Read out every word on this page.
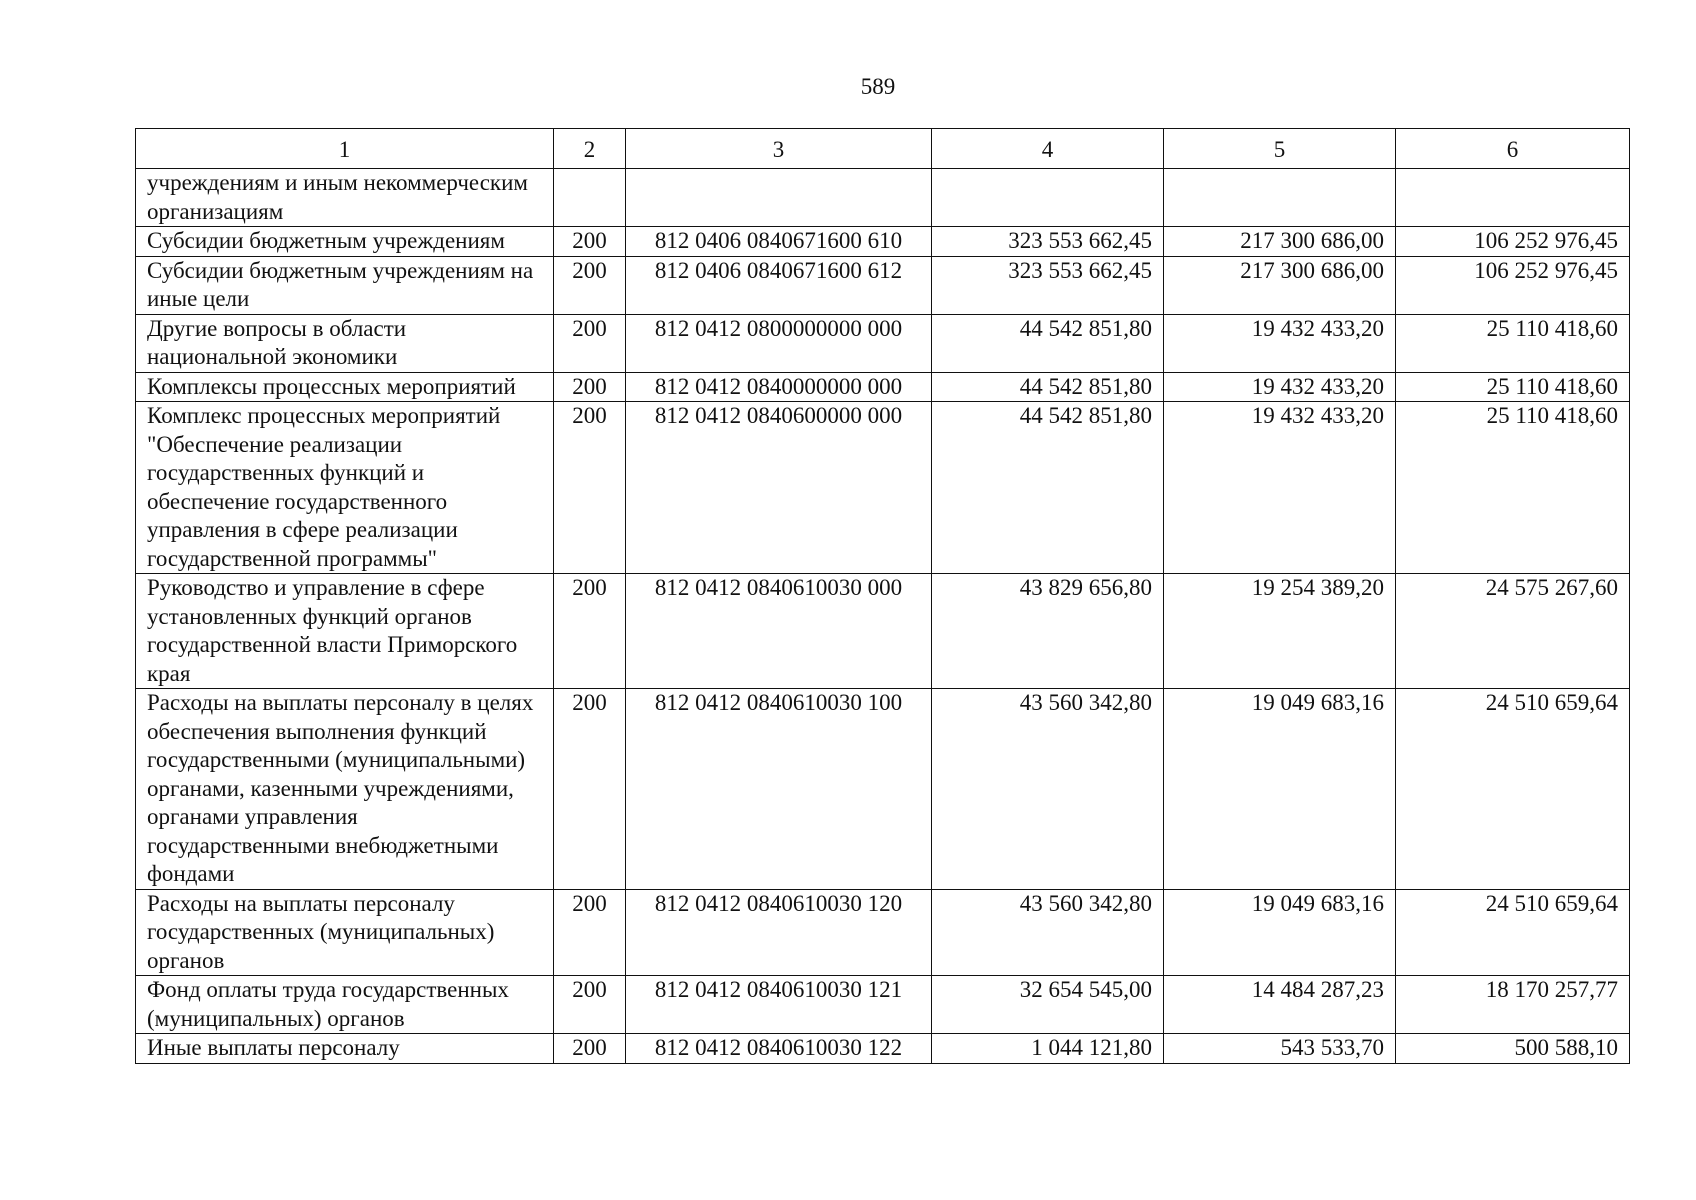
589
1	2	3	4	5	6
учреждениям и иным некоммерческим организациям					
Субсидии бюджетным учреждениям	200	812 0406 0840671600 610	323 553 662,45	217 300 686,00	106 252 976,45
Субсидии бюджетным учреждениям на иные цели	200	812 0406 0840671600 612	323 553 662,45	217 300 686,00	106 252 976,45
Другие вопросы в области национальной экономики	200	812 0412 0800000000 000	44 542 851,80	19 432 433,20	25 110 418,60
Комплексы процессных мероприятий	200	812 0412 0840000000 000	44 542 851,80	19 432 433,20	25 110 418,60
Комплекс процессных мероприятий "Обеспечение реализации государственных функций и обеспечение государственного управления в сфере реализации государственной программы"	200	812 0412 0840600000 000	44 542 851,80	19 432 433,20	25 110 418,60
Руководство и управление в сфере установленных функций органов государственной власти Приморского края	200	812 0412 0840610030 000	43 829 656,80	19 254 389,20	24 575 267,60
Расходы на выплаты персоналу в целях обеспечения выполнения функций государственными (муниципальными) органами, казенными учреждениями, органами управления государственными внебюджетными фондами	200	812 0412 0840610030 100	43 560 342,80	19 049 683,16	24 510 659,64
Расходы на выплаты персоналу государственных (муниципальных) органов	200	812 0412 0840610030 120	43 560 342,80	19 049 683,16	24 510 659,64
Фонд оплаты труда государственных (муниципальных) органов	200	812 0412 0840610030 121	32 654 545,00	14 484 287,23	18 170 257,77
Иные выплаты персоналу	200	812 0412 0840610030 122	1 044 121,80	543 533,70	500 588,10
